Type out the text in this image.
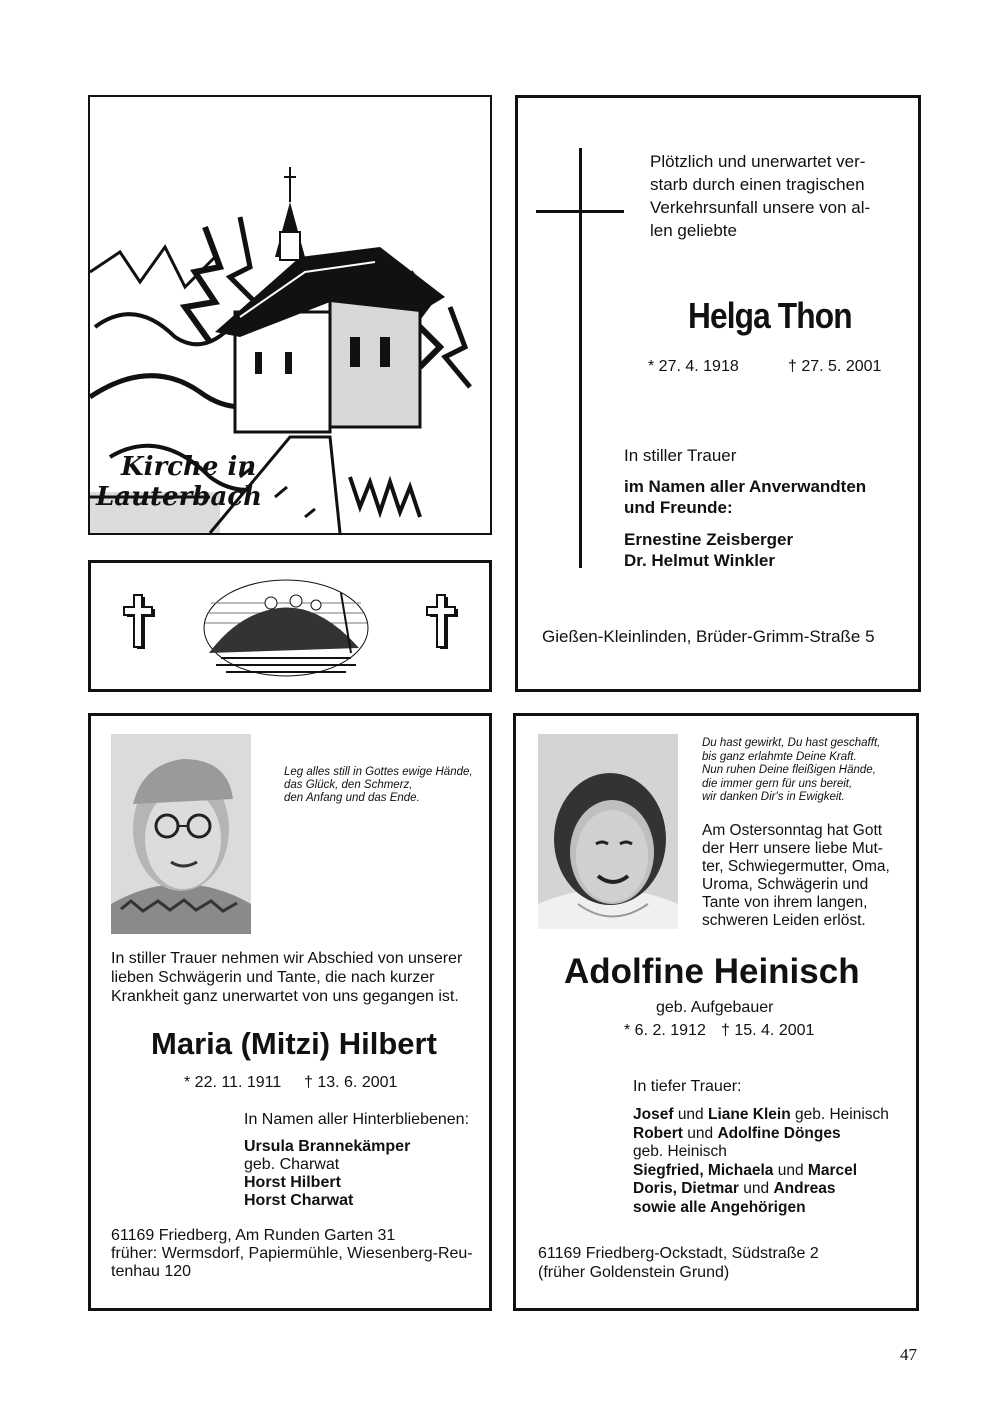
Kirche in
Lauterbach
Plötzlich und unerwartet ver-
starb durch einen tragischen
Verkehrsunfall unsere von al-
len geliebte
Helga Thon
* 27. 4. 1918	† 27. 5. 2001
In stiller Trauer
im Namen aller Anverwandten
und Freunde:
Ernestine Zeisberger
Dr. Helmut Winkler
Gießen-Kleinlinden, Brüder-Grimm-Straße 5
Leg alles still in Gottes ewige Hände,
das Glück, den Schmerz,
den Anfang und das Ende.
In stiller Trauer nehmen wir Abschied von unserer
lieben Schwägerin und Tante, die nach kurzer
Krankheit ganz unerwartet von uns gegangen ist.
Maria (Mitzi) Hilbert
* 22. 11. 1911 † 13. 6. 2001
In Namen aller Hinterbliebenen:
Ursula Brannekämper
geb. Charwat
Horst Hilbert
Horst Charwat
61169 Friedberg, Am Runden Garten 31
früher: Wermsdorf, Papiermühle, Wiesenberg-Reu-
tenhau 120
Du hast gewirkt, Du hast geschafft,
bis ganz erlahmte Deine Kraft.
Nun ruhen Deine fleißigen Hände,
die immer gern für uns bereit,
wir danken Dir's in Ewigkeit.
Am Ostersonntag hat Gott
der Herr unsere liebe Mut-
ter, Schwiegermutter, Oma,
Uroma, Schwägerin und
Tante von ihrem langen,
schweren Leiden erlöst.
Adolfine Heinisch
geb. Aufgebauer
* 6. 2. 1912 † 15. 4. 2001
In tiefer Trauer:
Josef und Liane Klein geb. Heinisch
Robert und Adolfine Dönges
geb. Heinisch
Siegfried, Michaela und Marcel
Doris, Dietmar und Andreas
sowie alle Angehörigen
61169 Friedberg-Ockstadt, Südstraße 2
(früher Goldenstein Grund)
47
